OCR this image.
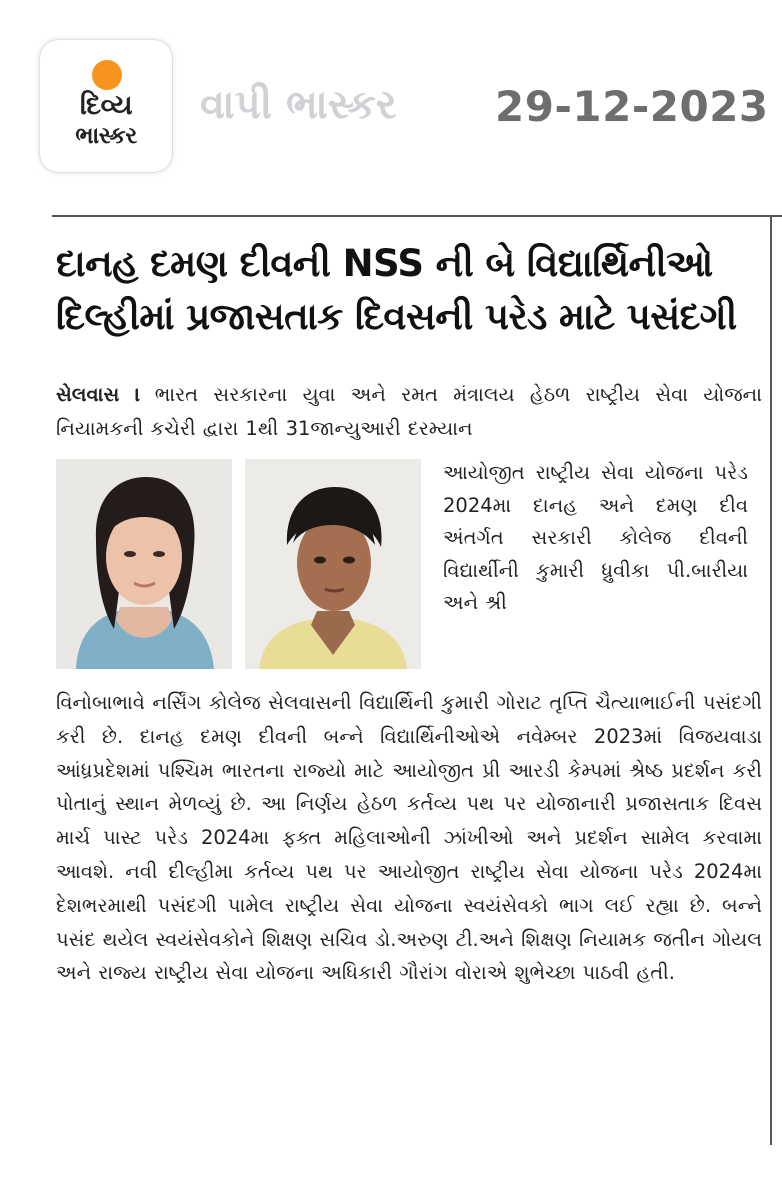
દિવ્ય
ભાસ્કર
વાપી ભાસ્કર 29-12-2023
દાનહ દમણ દીવની NSS ની બે વિદ્યાર્થિનીઓ દિલ્હીમાં પ્રજાસતાક દિવસની પરેડ માટે પસંદગી
સેલવાસ । ભારત સરકારના યુવા અને રમત મંત્રાલય હેઠળ રાષ્ટ્રીય સેવા યોજના નિયામકની કચેરી દ્વારા 1થી 31જાન્યુઆરી દરમ્યાન
આયોજીત રાષ્ટ્રીય સેવા યોજના પરેડ 2024મા દાનહ અને દમણ દીવ અંતર્ગત સરકારી કોલેજ દીવની વિદ્યાર્થીની કુમારી ધ્રુવીકા પી.બારીયા અને શ્રી
વિનોબાભાવે નર્સિંગ કોલેજ સેલવાસની વિદ્યાર્થિની કુમારી ગોરાટ તૃપ્તિ ચૈત્યાભાઈની પસંદગી કરી છે. દાનહ દમણ દીવની બન્ને વિદ્યાર્થિનીઓએ નવેમ્બર 2023માં વિજયવાડા આંધ્રપ્રદેશમાં પશ્ચિમ ભારતના રાજ્યો માટે આયોજીત પ્રી આરડી કેમ્પમાં શ્રેષ્ઠ પ્રદર્શન કરી પોતાનું સ્થાન મેળવ્યું છે. આ નિર્ણય હેઠળ કર્તવ્ય પથ પર યોજાનારી પ્રજાસતાક દિવસ માર્ચ પાસ્ટ પરેડ 2024મા ફક્ત મહિલાઓની ઝાંખીઓ અને પ્રદર્શન સામેલ કરવામા આવશે. નવી દીલ્હીમા કર્તવ્ય પથ પર આયોજીત રાષ્ટ્રીય સેવા યોજના પરેડ 2024મા દેશભરમાથી પસંદગી પામેલ રાષ્ટ્રીય સેવા યોજના સ્વયંસેવકો ભાગ લઈ રહ્યા છે. બન્ને પસંદ થયેલ સ્વયંસેવકોને શિક્ષણ સચિવ ડો.અરુણ ટી.અને શિક્ષણ નિયામક જતીન ગોયલ અને રાજ્ય રાષ્ટ્રીય સેવા યોજના અધિકારી ગૌરાંગ વોરાએ શુભેચ્છા પાઠવી હતી.
